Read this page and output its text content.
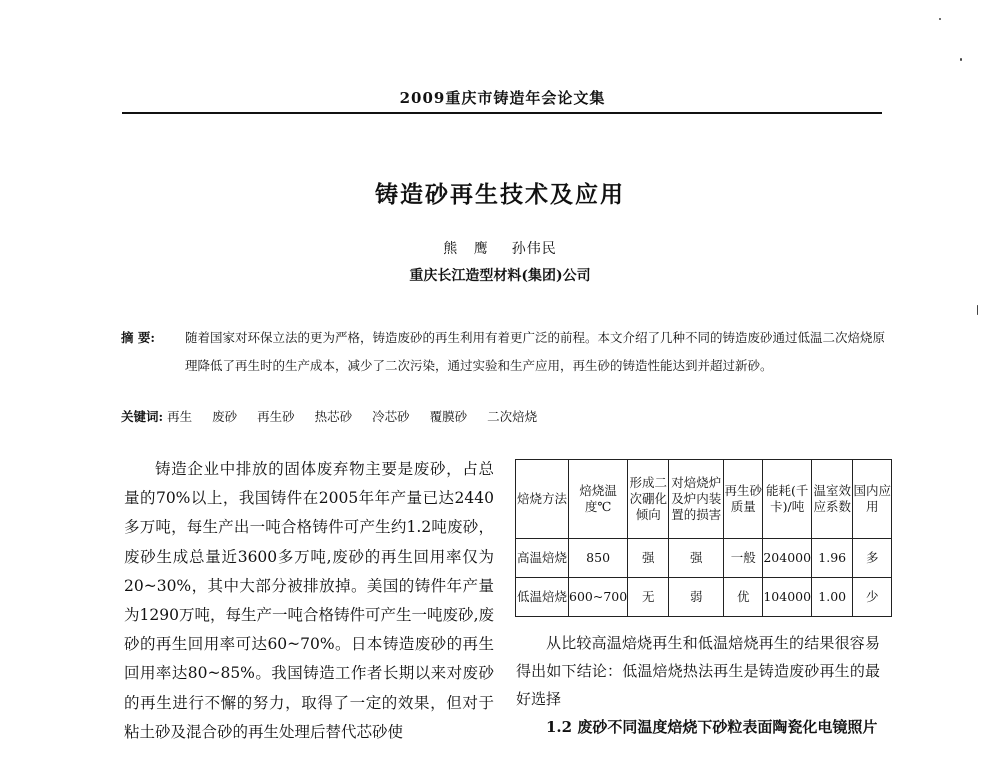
2009重庆市铸造年会论文集
铸造砂再生技术及应用
熊 鹰 孙伟民
重庆长江造型材料(集团)公司
摘 要:	随着国家对环保立法的更为严格，铸造废砂的再生利用有着更广泛的前程。本文介绍了几种不同的铸造废砂通过低温二次焙烧原理降低了再生时的生产成本，减少了二次污染，通过实验和生产应用，再生砂的铸造性能达到并超过新砂。
关键词: 再生 废砂 再生砂 热芯砂 冷芯砂 覆膜砂 二次焙烧

铸造企业中排放的固体废弃物主要是废砂，占总量的70%以上，我国铸件在2005年年产量已达2440多万吨，每生产出一吨合格铸件可产生约1.2吨废砂，废砂生成总量近3600多万吨,废砂的再生回用率仅为20~30%，其中大部分被排放掉。美国的铸件年产量为1290万吨，每生产一吨合格铸件可产生一吨废砂,废砂的再生回用率可达60~70%。日本铸造废砂的再生回用率达80~85%。我国铸造工作者长期以来对废砂的再生进行不懈的努力，取得了一定的效果，但对于粘土砂及混合砂的再生处理后替代芯砂使

焙烧方法	焙烧温度℃	形成二次硼化倾向	对焙烧炉及炉内装置的损害	再生砂质量	能耗(千卡)/吨	温室效应系数	国内应用
高温焙烧	850	强	强	一般	204000	1.96	多
低温焙烧	600~700	无	弱	优	104000	1.00	少

从比较高温焙烧再生和低温焙烧再生的结果很容易得出如下结论：低温焙烧热法再生是铸造废砂再生的最好选择

1.2 废砂不同温度焙烧下砂粒表面陶瓷化电镜照片
